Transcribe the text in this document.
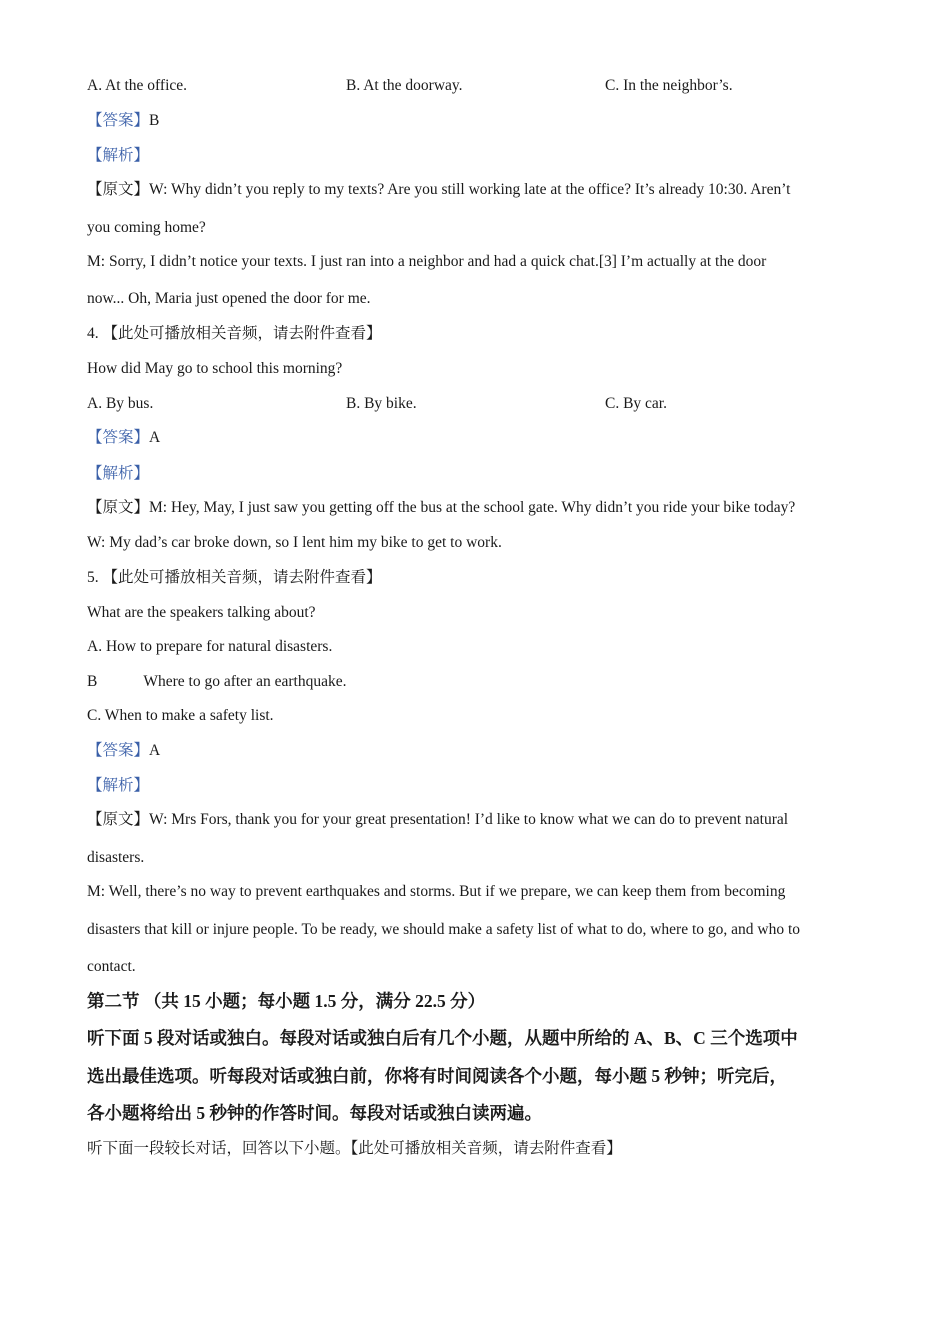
A. At the office.	B. At the doorway.	C. In the neighbor’s.
【答案】B
【解析】
【原文】W: Why didn’t you reply to my texts? Are you still working late at the office? It’s already 10:30. Aren’t
you coming home?
M: Sorry, I didn’t notice your texts. I just ran into a neighbor and had a quick chat.[3] I’m actually at the door
now... Oh, Maria just opened the door for me.
4. 【此处可播放相关音频，请去附件查看】
How did May go to school this morning?
A. By bus.	B. By bike.	C. By car.
【答案】A
【解析】
【原文】M: Hey, May, I just saw you getting off the bus at the school gate. Why didn’t you ride your bike today?
W: My dad’s car broke down, so I lent him my bike to get to work.
5. 【此处可播放相关音频，请去附件查看】
What are the speakers talking about?
A. How to prepare for natural disasters.
B	Where to go after an earthquake.
C. When to make a safety list.
【答案】A
【解析】
【原文】W: Mrs Fors, thank you for your great presentation! I’d like to know what we can do to prevent natural
disasters.
M: Well, there’s no way to prevent earthquakes and storms. But if we prepare, we can keep them from becoming
disasters that kill or injure people. To be ready, we should make a safety list of what to do, where to go, and who to
contact.
第二节 （共 15 小题；每小题 1.5 分，满分 22.5 分）
听下面 5 段对话或独白。每段对话或独白后有几个小题，从题中所给的 A、B、C 三个选项中
选出最佳选项。听每段对话或独白前，你将有时间阅读各个小题，每小题 5 秒钟；听完后，
各小题将给出 5 秒钟的作答时间。每段对话或独白读两遍。
听下面一段较长对话，回答以下小题。【此处可播放相关音频，请去附件查看】
